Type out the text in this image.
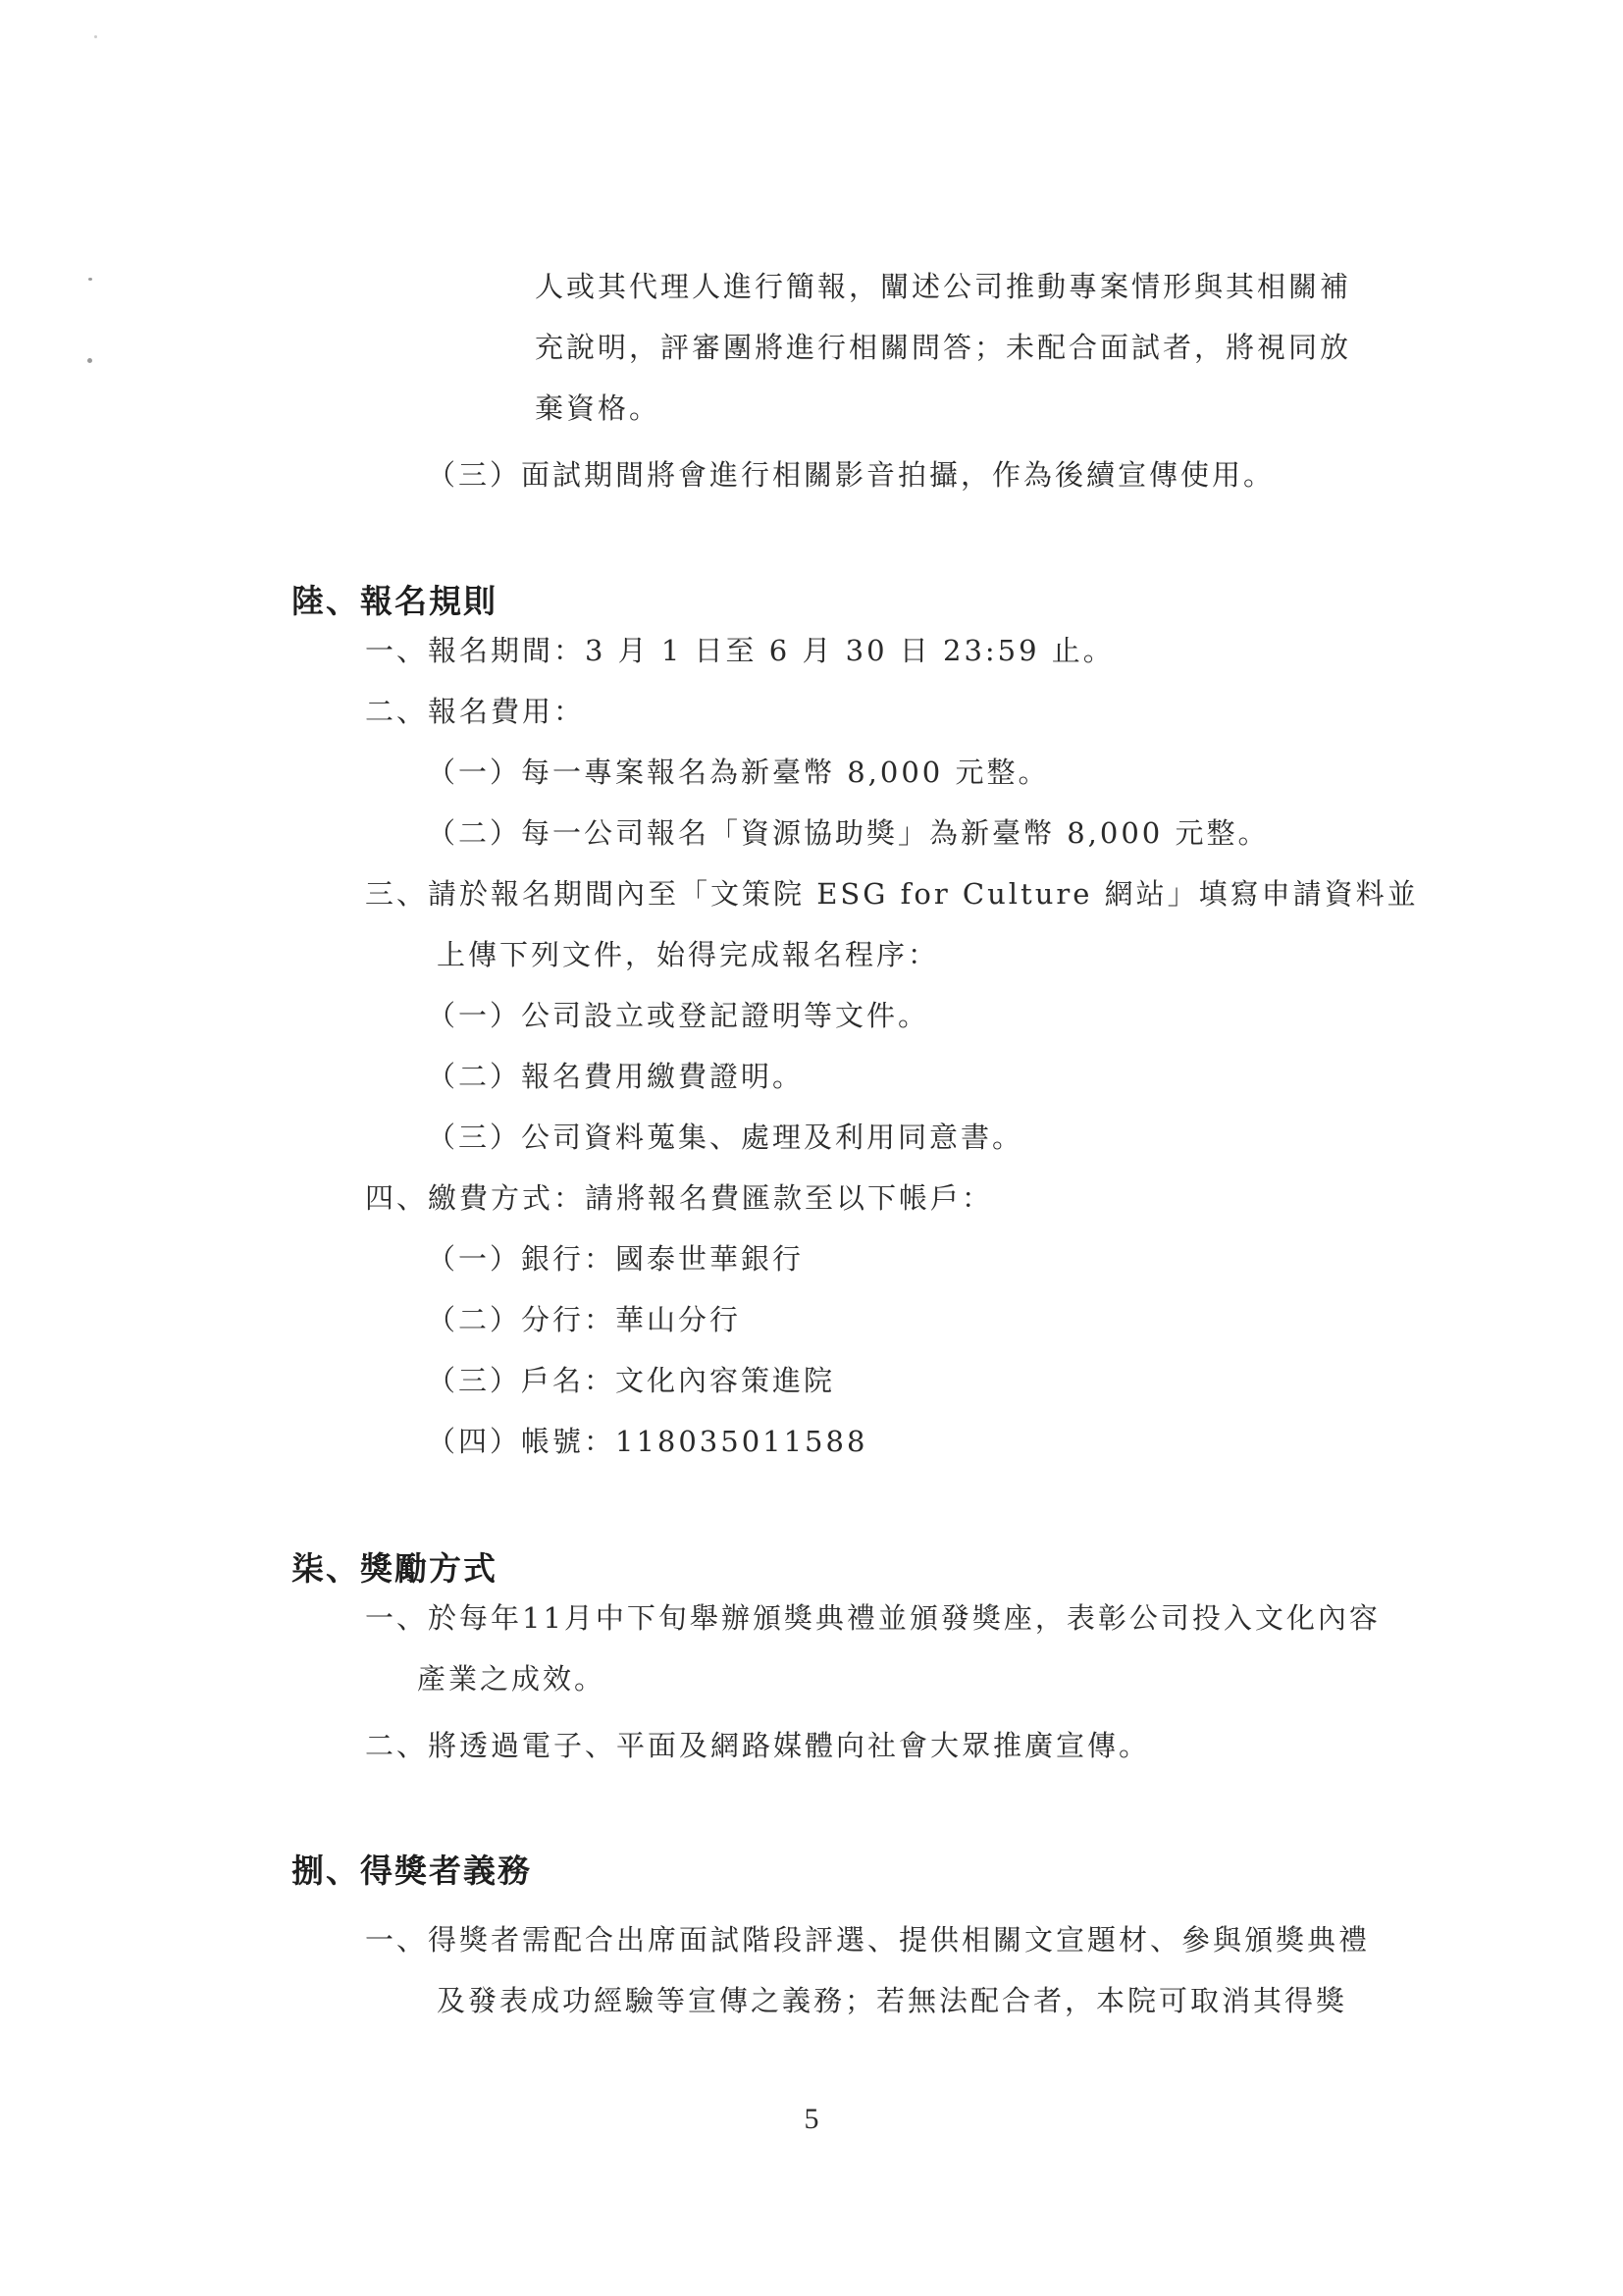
人或其代理人進行簡報，闡述公司推動專案情形與其相關補
充說明，評審團將進行相關問答；未配合面試者，將視同放
棄資格。
（三）面試期間將會進行相關影音拍攝，作為後續宣傳使用。
陸、報名規則
一、報名期間：3 月 1 日至 6 月 30 日 23:59 止。
二、報名費用：
（一）每一專案報名為新臺幣 8,000 元整。
（二）每一公司報名「資源協助獎」為新臺幣 8,000 元整。
三、請於報名期間內至「文策院 ESG for Culture 網站」填寫申請資料並
上傳下列文件，始得完成報名程序：
（一）公司設立或登記證明等文件。
（二）報名費用繳費證明。
（三）公司資料蒐集、處理及利用同意書。
四、繳費方式：請將報名費匯款至以下帳戶：
（一）銀行：國泰世華銀行
（二）分行：華山分行
（三）戶名：文化內容策進院
（四）帳號：118035011588
柒、獎勵方式
一、於每年11月中下旬舉辦頒獎典禮並頒發獎座，表彰公司投入文化內容
產業之成效。
二、將透過電子、平面及網路媒體向社會大眾推廣宣傳。
捌、得獎者義務
一、得獎者需配合出席面試階段評選、提供相關文宣題材、參與頒獎典禮
及發表成功經驗等宣傳之義務；若無法配合者，本院可取消其得獎
5
